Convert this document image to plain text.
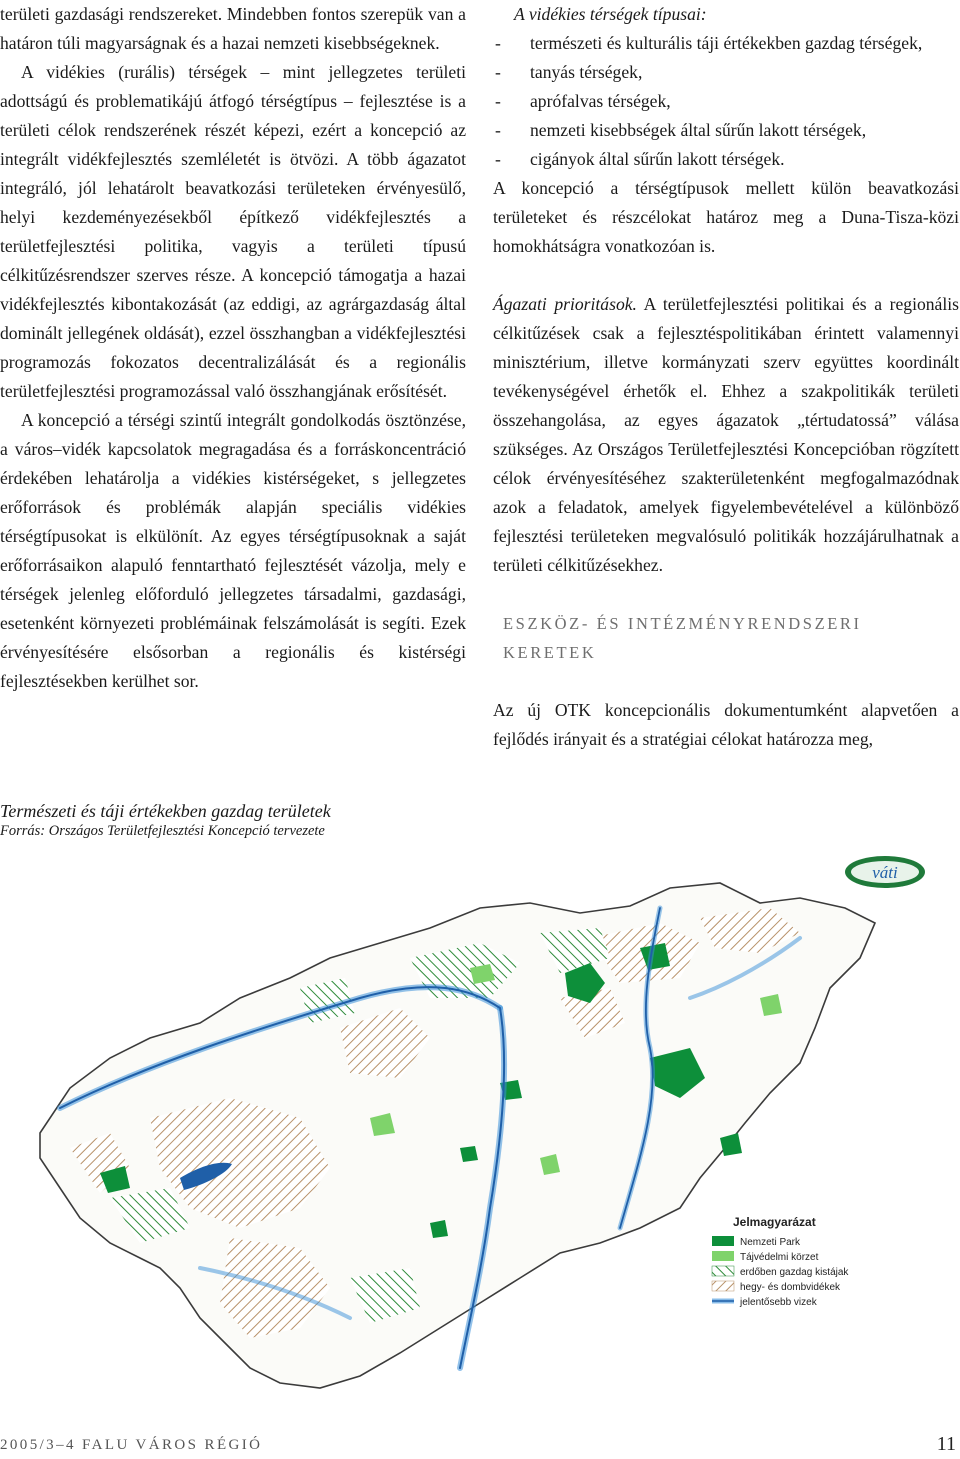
területi gazdasági rendszereket. Mindebben fontos szerepük van a határon túli magyarságnak és a hazai nemzeti kisebbségeknek.

A vidékies (rurális) térségek – mint jellegzetes területi adottságú és problematikájú átfogó térségtípus – fejlesztése is a területi célok rendszerének részét képezi, ezért a koncepció az integrált vidékfejlesztés szemléletét is ötvözi. A több ágazatot integráló, jól lehatárolt beavatkozási területeken érvényesülő, helyi kezdeményezésekből építkező vidékfejlesztés a területfejlesztési politika, vagyis a területi típusú célkitűzésrendszer szerves része. A koncepció támogatja a hazai vidékfejlesztés kibontakozását (az eddigi, az agrárgazdaság által dominált jellegének oldását), ezzel összhangban a vidékfejlesztési programozás fokozatos decentralizálását és a regionális területfejlesztési programozással való összhangjának erősítését.

A koncepció a térségi szintű integrált gondolkodás ösztönzése, a város–vidék kapcsolatok megragadása és a forráskoncentráció érdekében lehatárolja a vidékies kistérségeket, s jellegzetes erőforrások és problémák alapján speciális vidékies térségtípusokat is elkülönít. Az egyes térségtípusoknak a saját erőforrásaikon alapuló fenntartható fejlesztését vázolja, mely e térségek jelenleg előforduló jellegzetes társadalmi, gazdasági, esetenként környezeti problémáinak felszámolását is segíti. Ezek érvényesítésére elsősorban a regionális és kistérségi fejlesztésekben kerülhet sor.

A vidékies térségek típusai:

- természeti és kulturális táji értékekben gazdag térségek,
- tanyás térségek,
- aprófalvas térségek,
- nemzeti kisebbségek által sűrűn lakott térségek,
- cigányok által sűrűn lakott térségek.

A koncepció a térségtípusok mellett külön beavatkozási területeket és részcélokat határoz meg a Duna-Tisza-közi homokhátságra vonatkozóan is.

Ágazati prioritások. A területfejlesztési politikai és a regionális célkitűzések csak a fejlesztéspolitikában érintett valamennyi minisztérium, illetve kormányzati szerv együttes koordinált tevékenységével érhetők el. Ehhez a szakpolitikák területi összehangolása, az egyes ágazatok „tértudatossá” válása szükséges. Az Országos Területfejlesztési Koncepcióban rögzített célok érvényesítéséhez szakterületenként megfogalmazódnak azok a feladatok, amelyek figyelembevételével a különböző fejlesztési területeken megvalósuló politikák hozzájárulhatnak a területi célkitűzésekhez.

ESZKÖZ- ÉS INTÉZMÉNYRENDSZERI KERETEK

Az új OTK koncepcionális dokumentumként alapvetően a fejlődés irányait és a stratégiai célokat határozza meg,

Természeti és táji értékekben gazdag területek
Forrás: Országos Területfejlesztési Koncepció tervezete
váti
Jelmagyarázat
Nemzeti Park
Tájvédelmi körzet
erdőben gazdag kistájak
hegy- és dombvidékek
jelentősebb vizek
2005/3–4 FALU VÁROS RÉGIÓ	11
